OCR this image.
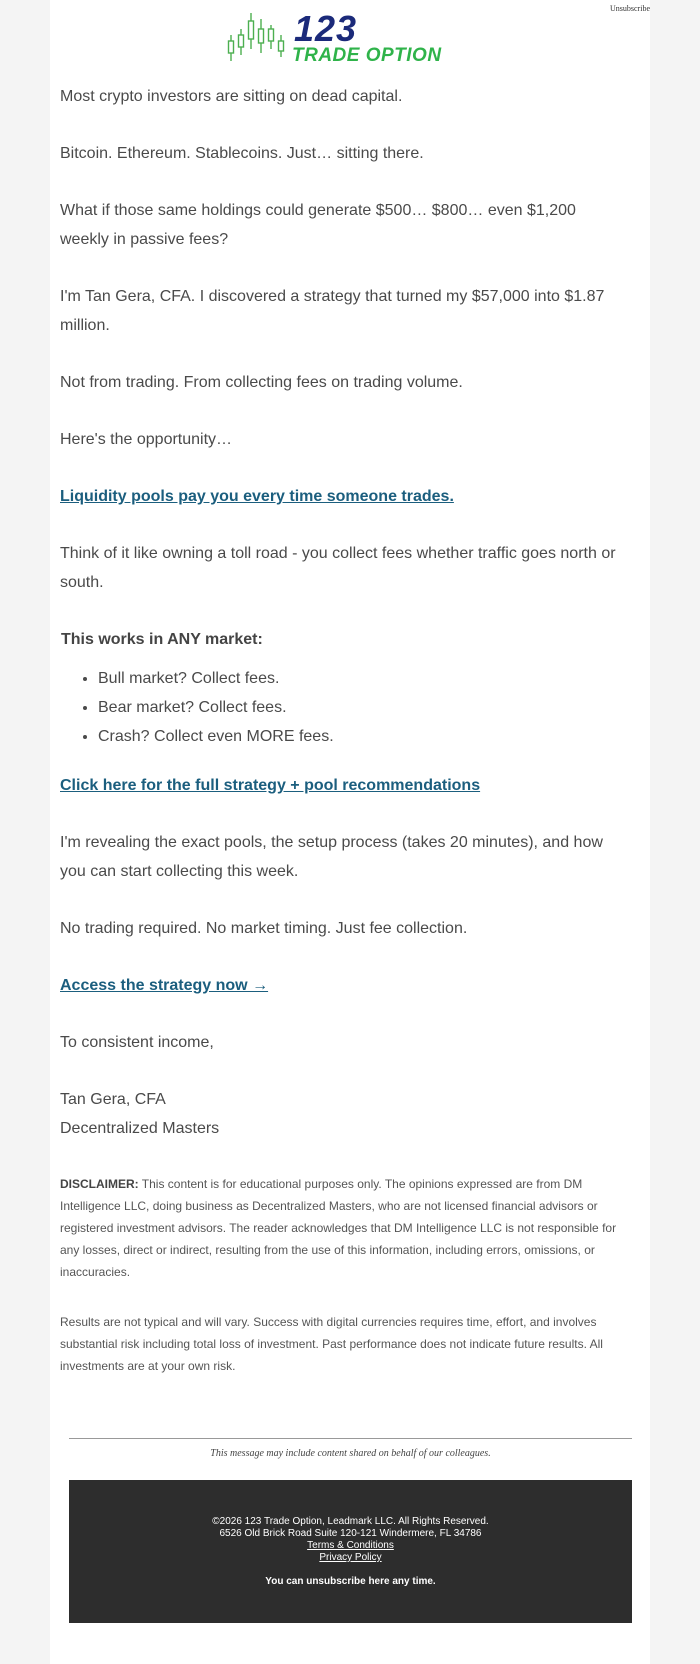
Unsubscribe
123
TRADE OPTION

Most crypto investors are sitting on dead capital.

Bitcoin. Ethereum. Stablecoins. Just… sitting there.

What if those same holdings could generate $500… $800… even $1,200 weekly in passive fees?

I'm Tan Gera, CFA. I discovered a strategy that turned my $57,000 into $1.87 million.

Not from trading. From collecting fees on trading volume.

Here's the opportunity…

Liquidity pools pay you every time someone trades.

Think of it like owning a toll road - you collect fees whether traffic goes north or south.

This works in ANY market:
• Bull market? Collect fees.
• Bear market? Collect fees.
• Crash? Collect even MORE fees.

Click here for the full strategy + pool recommendations

I'm revealing the exact pools, the setup process (takes 20 minutes), and how you can start collecting this week.

No trading required. No market timing. Just fee collection.

Access the strategy now →

To consistent income,

Tan Gera, CFA
Decentralized Masters

DISCLAIMER: This content is for educational purposes only. The opinions expressed are from DM Intelligence LLC, doing business as Decentralized Masters, who are not licensed financial advisors or registered investment advisors. The reader acknowledges that DM Intelligence LLC is not responsible for any losses, direct or indirect, resulting from the use of this information, including errors, omissions, or inaccuracies.

Results are not typical and will vary. Success with digital currencies requires time, effort, and involves substantial risk including total loss of investment. Past performance does not indicate future results. All investments are at your own risk.

This message may include content shared on behalf of our colleagues.
©2026 123 Trade Option, Leadmark LLC. All Rights Reserved.
6526 Old Brick Road Suite 120-121 Windermere, FL 34786
Terms & Conditions
Privacy Policy
You can unsubscribe here any time.
